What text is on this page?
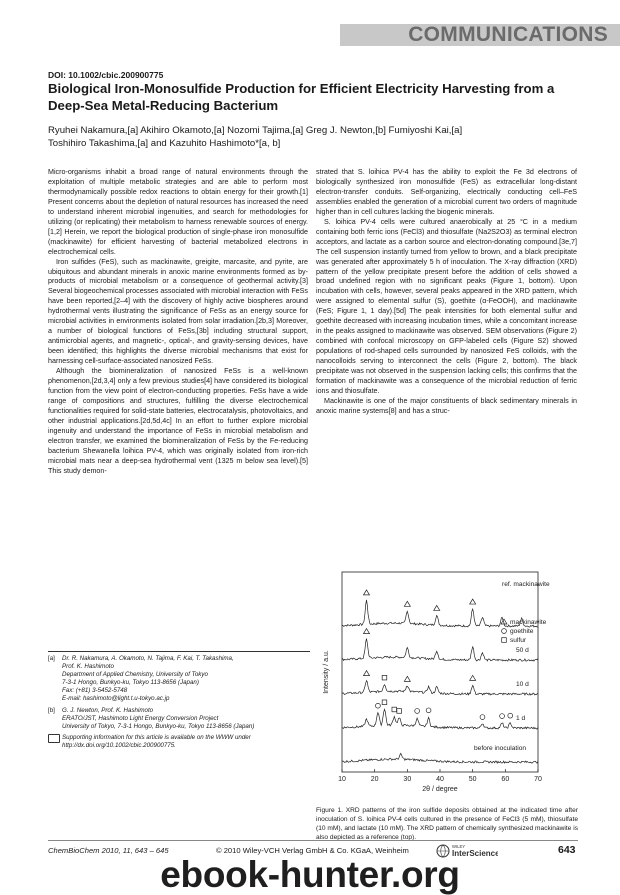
COMMUNICATIONS
DOI: 10.1002/cbic.200900775
Biological Iron-Monosulfide Production for Efficient Electricity Harvesting from a Deep-Sea Metal-Reducing Bacterium
Ryuhei Nakamura,[a] Akihiro Okamoto,[a] Nozomi Tajima,[a] Greg J. Newton,[b] Fumiyoshi Kai,[a]
Toshihiro Takashima,[a] and Kazuhito Hashimoto*[a, b]

Micro-organisms inhabit a broad range of natural environments through the exploitation of multiple metabolic strategies and are able to perform most thermodynamically possible redox reactions to obtain energy for their growth.[1] Present concerns about the depletion of natural resources has increased the need to understand inherent microbial ingenuities, and search for methodologies for utilizing (or replicating) their metabolism to harness renewable sources of energy.[1,2] Herein, we report the biological production of single-phase iron monosulfide (mackinawite) for efficient harvesting of bacterial metabolized electrons in electrochemical cells.

Iron sulfides (FeS), such as mackinawite, greigite, marcasite, and pyrite, are ubiquitous and abundant minerals in anoxic marine environments formed as by-products of microbial metabolism or a consequence of geothermal activity.[3] Several biogeochemical processes associated with microbial interaction with FeSs have been reported,[2–4] with the discovery of highly active biospheres around hydrothermal vents illustrating the significance of FeSs as an energy source for microbial activities in environments isolated from solar irradiation.[2b,3] Moreover, a number of biological functions of FeSs,[3b] including structural support, antimicrobial agents, and magnetic-, optical-, and gravity-sensing devices, have been identified; this highlights the diverse microbial mechanisms that exist for harnessing cell-surface-associated nanosized FeSs.

Although the biomineralization of nanosized FeSs is a well-known phenomenon,[2d,3,4] only a few previous studies[4] have considered its biological function from the view point of electron-conducting properties. FeSs have a wide range of compositions and structures, fulfilling the diverse electrochemical functionalities required for solid-state batteries, electrocatalysis, photovoltaics, and other industrial applications.[2d,5d,4c] In an effort to further explore microbial ingenuity and understand the importance of FeSs in microbial metabolism and electron transfer, we examined the biomineralization of FeSs by the Fe-reducing bacterium Shewanella loihica PV-4, which was originally isolated from iron-rich microbial mats near a deep-sea hydrothermal vent (1325 m below sea level).[5] This study demon-

strated that S. loihica PV-4 has the ability to exploit the Fe 3d electrons of biologically synthesized iron monosulfide (FeS) as extracellular long-distant electron-transfer conduits. Self-organizing, electrically conducting cell–FeS assemblies enabled the generation of a microbial current two orders of magnitude higher than in cell cultures lacking the biogenic minerals.

S. loihica PV-4 cells were cultured anaerobically at 25 °C in a medium containing both ferric ions (FeCl3) and thiosulfate (Na2S2O3) as terminal electron acceptors, and lactate as a carbon source and electron-donating compound.[3e,7] The cell suspension instantly turned from yellow to brown, and a black precipitate was generated after approximately 5 h of inoculation. The X-ray diffraction (XRD) pattern of the yellow precipitate present before the addition of cells showed a broad undefined region with no significant peaks (Figure 1, bottom). Upon incubation with cells, however, several peaks appeared in the XRD pattern, which were assigned to elemental sulfur (S), goethite (α-FeOOH), and mackinawite (FeS; Figure 1, 1 day).[5d] The peak intensities for both elemental sulfur and goethite decreased with increasing incubation times, while a concomitant increase in the peaks assigned to mackinawite was observed. SEM observations (Figure 2) combined with confocal microscopy on GFP-labeled cells (Figure S2) showed populations of rod-shaped cells surrounded by nanosized FeS colloids, with the nanocolloids serving to interconnect the cells (Figure 2, bottom). The black precipitate was not observed in the suspension lacking cells; this confirms that the formation of mackinawite was a consequence of the microbial reduction of ferric ions and thiosulfate.

Mackinawite is one of the major constituents of black sedimentary minerals in anoxic marine systems[8] and has a struc-

[a] Dr. R. Nakamura, A. Okamoto, N. Tajima, F. Kai, T. Takashima,
Prof. K. Hashimoto
Department of Applied Chemistry, University of Tokyo
7-3-1 Hongo, Bunkyo-ku, Tokyo 113-8656 (Japan)
Fax: (+81) 3-5452-5748
E-mail: hashimoto@light.t.u-tokyo.ac.jp
[b] G. J. Newton, Prof. K. Hashimoto
ERATO/JST, Hashimoto Light Energy Conversion Project
University of Tokyo, 7-3-1 Hongo, Bunkyo-ku, Tokyo 113-8656 (Japan)
Supporting information for this article is available on the WWW under http://dx.doi.org/10.1002/cbic.200900775.
10	20	30	40	50	60	70
2θ / degree
Intensity / a.u.
ref. mackinawite
50 d
10 d
1 d
before inoculation
mackinawite
goethite
sulfur
Figure 1. XRD patterns of the iron sulfide deposits obtained at the indicated time after inoculation of S. loihica PV-4 cells cultured in the presence of FeCl3 (5 mM), thiosulfate (10 mM), and lactate (10 mM). The XRD pattern of chemically synthesized mackinawite is also depicted as a reference (top).
ChemBioChem 2010, 11, 643 – 645	© 2010 Wiley-VCH Verlag GmbH & Co. KGaA, Weinheim	WILEY
InterScience	643
ebook-hunter.org
